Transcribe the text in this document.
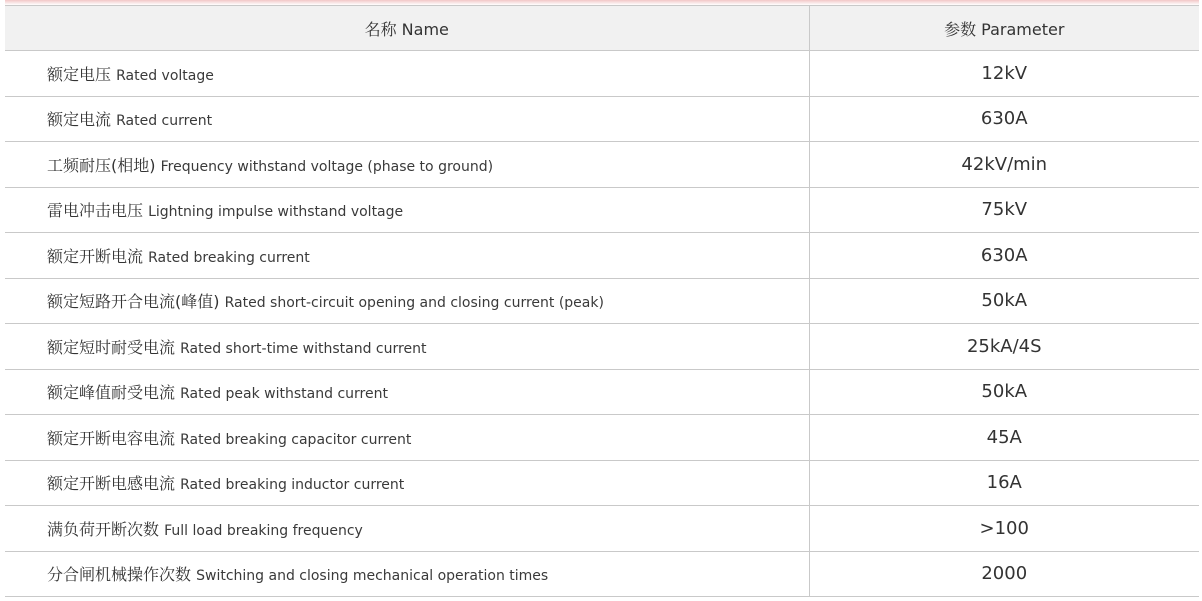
名称 Name	参数 Parameter
额定电压 Rated voltage	12kV
额定电流 Rated current	630A
工频耐压(相地) Frequency withstand voltage (phase to ground)	42kV/min
雷电冲击电压 Lightning impulse withstand voltage	75kV
额定开断电流 Rated breaking current	630A
额定短路开合电流(峰值) Rated short-circuit opening and closing current (peak)	50kA
额定短时耐受电流 Rated short-time withstand current	25kA/4S
额定峰值耐受电流 Rated peak withstand current	50kA
额定开断电容电流 Rated breaking capacitor current	45A
额定开断电感电流 Rated breaking inductor current	16A
满负荷开断次数 Full load breaking frequency	>100
分合闸机械操作次数 Switching and closing mechanical operation times	2000
